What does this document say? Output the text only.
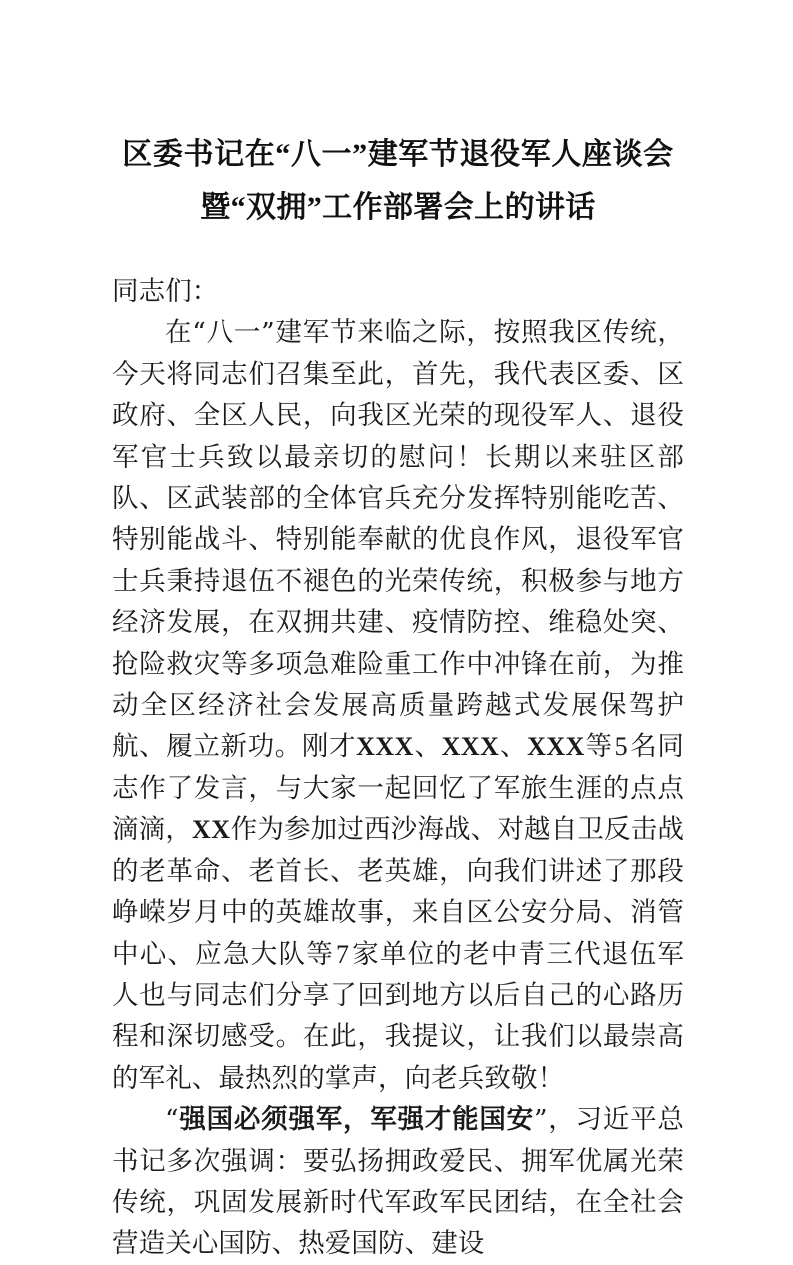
区委书记在“八一”建军节退役军人座谈会
暨“双拥”工作部署会上的讲话

同志们：

在“八一”建军节来临之际，按照我区传统，今天将同志们召集至此，首先，我代表区委、区政府、全区人民，向我区光荣的现役军人、退役军官士兵致以最亲切的慰问！长期以来驻区部队、区武装部的全体官兵充分发挥特别能吃苦、特别能战斗、特别能奉献的优良作风，退役军官士兵秉持退伍不褪色的光荣传统，积极参与地方经济发展，在双拥共建、疫情防控、维稳处突、抢险救灾等多项急难险重工作中冲锋在前，为推动全区经济社会发展高质量跨越式发展保驾护航、履立新功。刚才XXX、XXX、XXX等5名同志作了发言，与大家一起回忆了军旅生涯的点点滴滴，XX作为参加过西沙海战、对越自卫反击战的老革命、老首长、老英雄，向我们讲述了那段峥嵘岁月中的英雄故事，来自区公安分局、消管中心、应急大队等7家单位的老中青三代退伍军人也与同志们分享了回到地方以后自己的心路历程和深切感受。在此，我提议，让我们以最崇高的军礼、最热烈的掌声，向老兵致敬！

“强国必须强军，军强才能国安”，习近平总书记多次强调：要弘扬拥政爱民、拥军优属光荣传统，巩固发展新时代军政军民团结，在全社会营造关心国防、热爱国防、建设
